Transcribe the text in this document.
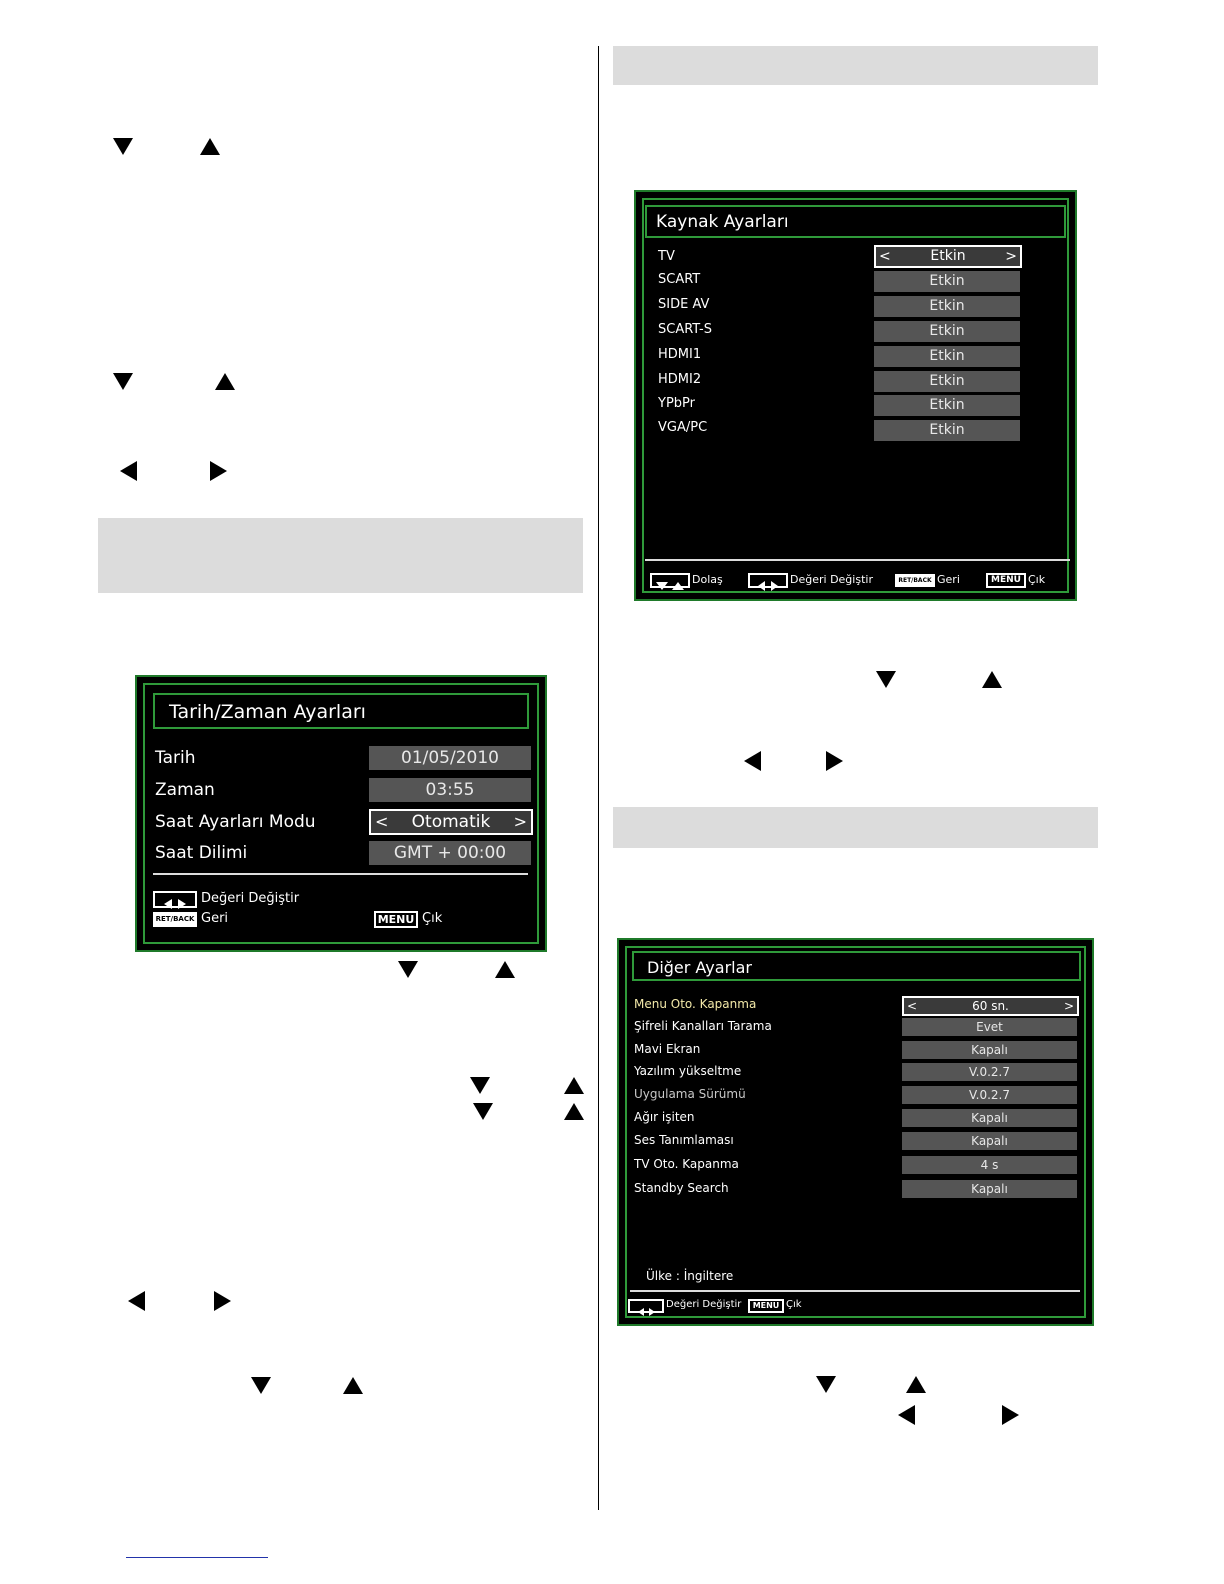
Tarih/Zaman Ayarları
Tarih	01/05/2010
Zaman	03:55
Saat Ayarları Modu	< Otomatik >
Saat Dilimi	GMT + 00:00
Değeri Değiştir
RET/BACK Geri	MENU Çık
Kaynak Ayarları
TV	<	Etkin	>
SCART	Etkin
SIDE AV	Etkin
SCART-S	Etkin
HDMI1	Etkin
HDMI2	Etkin
YPbPr	Etkin
VGA/PC	Etkin
Dolaş	Değeri Değiştir	RET/BACK Geri	MENU Çık
Diğer Ayarlar
Menu Oto. Kapanma	<	60 sn.	>
Şifreli Kanalları Tarama	Evet
Mavi Ekran	Kapalı
Yazılım yükseltme	V.0.2.7
Uygulama Sürümü	V.0.2.7
Ağır işiten	Kapalı
Ses Tanımlaması	Kapalı
TV Oto. Kapanma	4 s
Standby Search	Kapalı
Ülke : İngiltere
Değeri Değiştir	MENU Çık
